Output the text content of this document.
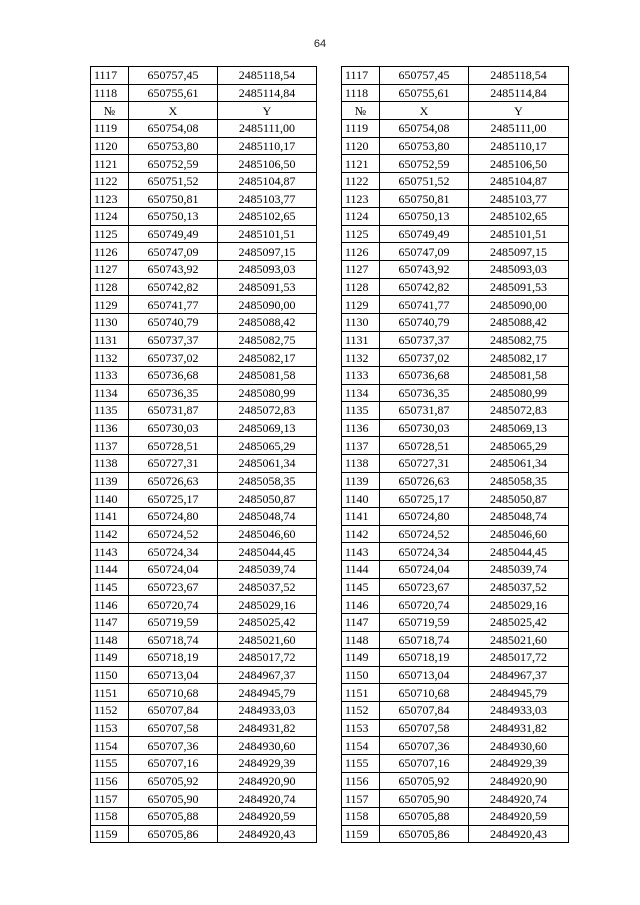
64
1117	650757,45	2485118,54		1117	650757,45	2485118,54
1118	650755,61	2485114,84		1118	650755,61	2485114,84
№	X	Y		№	X	Y
1119	650754,08	2485111,00		1119	650754,08	2485111,00
1120	650753,80	2485110,17		1120	650753,80	2485110,17
1121	650752,59	2485106,50		1121	650752,59	2485106,50
1122	650751,52	2485104,87		1122	650751,52	2485104,87
1123	650750,81	2485103,77		1123	650750,81	2485103,77
1124	650750,13	2485102,65		1124	650750,13	2485102,65
1125	650749,49	2485101,51		1125	650749,49	2485101,51
1126	650747,09	2485097,15		1126	650747,09	2485097,15
1127	650743,92	2485093,03		1127	650743,92	2485093,03
1128	650742,82	2485091,53		1128	650742,82	2485091,53
1129	650741,77	2485090,00		1129	650741,77	2485090,00
1130	650740,79	2485088,42		1130	650740,79	2485088,42
1131	650737,37	2485082,75		1131	650737,37	2485082,75
1132	650737,02	2485082,17		1132	650737,02	2485082,17
1133	650736,68	2485081,58		1133	650736,68	2485081,58
1134	650736,35	2485080,99		1134	650736,35	2485080,99
1135	650731,87	2485072,83		1135	650731,87	2485072,83
1136	650730,03	2485069,13		1136	650730,03	2485069,13
1137	650728,51	2485065,29		1137	650728,51	2485065,29
1138	650727,31	2485061,34		1138	650727,31	2485061,34
1139	650726,63	2485058,35		1139	650726,63	2485058,35
1140	650725,17	2485050,87		1140	650725,17	2485050,87
1141	650724,80	2485048,74		1141	650724,80	2485048,74
1142	650724,52	2485046,60		1142	650724,52	2485046,60
1143	650724,34	2485044,45		1143	650724,34	2485044,45
1144	650724,04	2485039,74		1144	650724,04	2485039,74
1145	650723,67	2485037,52		1145	650723,67	2485037,52
1146	650720,74	2485029,16		1146	650720,74	2485029,16
1147	650719,59	2485025,42		1147	650719,59	2485025,42
1148	650718,74	2485021,60		1148	650718,74	2485021,60
1149	650718,19	2485017,72		1149	650718,19	2485017,72
1150	650713,04	2484967,37		1150	650713,04	2484967,37
1151	650710,68	2484945,79		1151	650710,68	2484945,79
1152	650707,84	2484933,03		1152	650707,84	2484933,03
1153	650707,58	2484931,82		1153	650707,58	2484931,82
1154	650707,36	2484930,60		1154	650707,36	2484930,60
1155	650707,16	2484929,39		1155	650707,16	2484929,39
1156	650705,92	2484920,90		1156	650705,92	2484920,90
1157	650705,90	2484920,74		1157	650705,90	2484920,74
1158	650705,88	2484920,59		1158	650705,88	2484920,59
1159	650705,86	2484920,43		1159	650705,86	2484920,43
